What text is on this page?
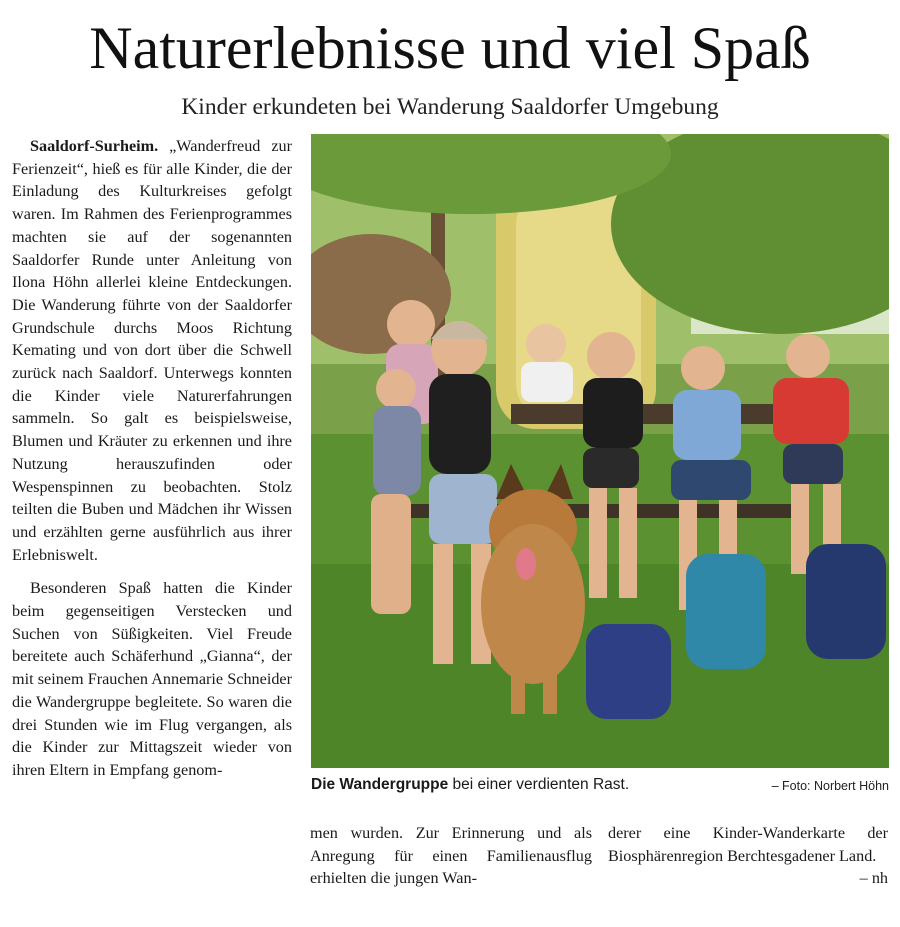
Naturerlebnisse und viel Spaß
Kinder erkundeten bei Wanderung Saaldorfer Umgebung

Saaldorf-Surheim. „Wanderfreud zur Ferienzeit“, hieß es für alle Kinder, die der Einladung des Kulturkreises gefolgt waren. Im Rahmen des Ferienprogrammes machten sie auf der sogenannten Saaldorfer Runde unter Anleitung von Ilona Höhn allerlei kleine Entdeckungen. Die Wanderung führte von der Saaldorfer Grundschule durchs Moos Richtung Kemating und von dort über die Schwell zurück nach Saaldorf. Unterwegs konnten die Kinder viele Naturerfahrungen sammeln. So galt es beispielsweise, Blumen und Kräuter zu erkennen und ihre Nutzung herauszufinden oder Wespenspinnen zu beobachten. Stolz teilten die Buben und Mädchen ihr Wissen und erzählten gerne ausführlich aus ihrer Erlebniswelt.

Besonderen Spaß hatten die Kinder beim gegenseitigen Verstecken und Suchen von Süßigkeiten. Viel Freude bereitete auch Schäferhund „Gianna“, der mit seinem Frauchen Annemarie Schneider die Wandergruppe begleitete. So waren die drei Stunden wie im Flug vergangen, als die Kinder zur Mittagszeit wieder von ihren Eltern in Empfang genom-

Die Wandergruppe bei einer verdienten Rast.	– Foto: Norbert Höhn

men wurden. Zur Erinnerung und als Anregung für einen Familienausflug erhielten die jungen Wan-

derer eine Kinder-Wanderkarte der Biosphärenregion Berchtesgadener Land.
– nh
